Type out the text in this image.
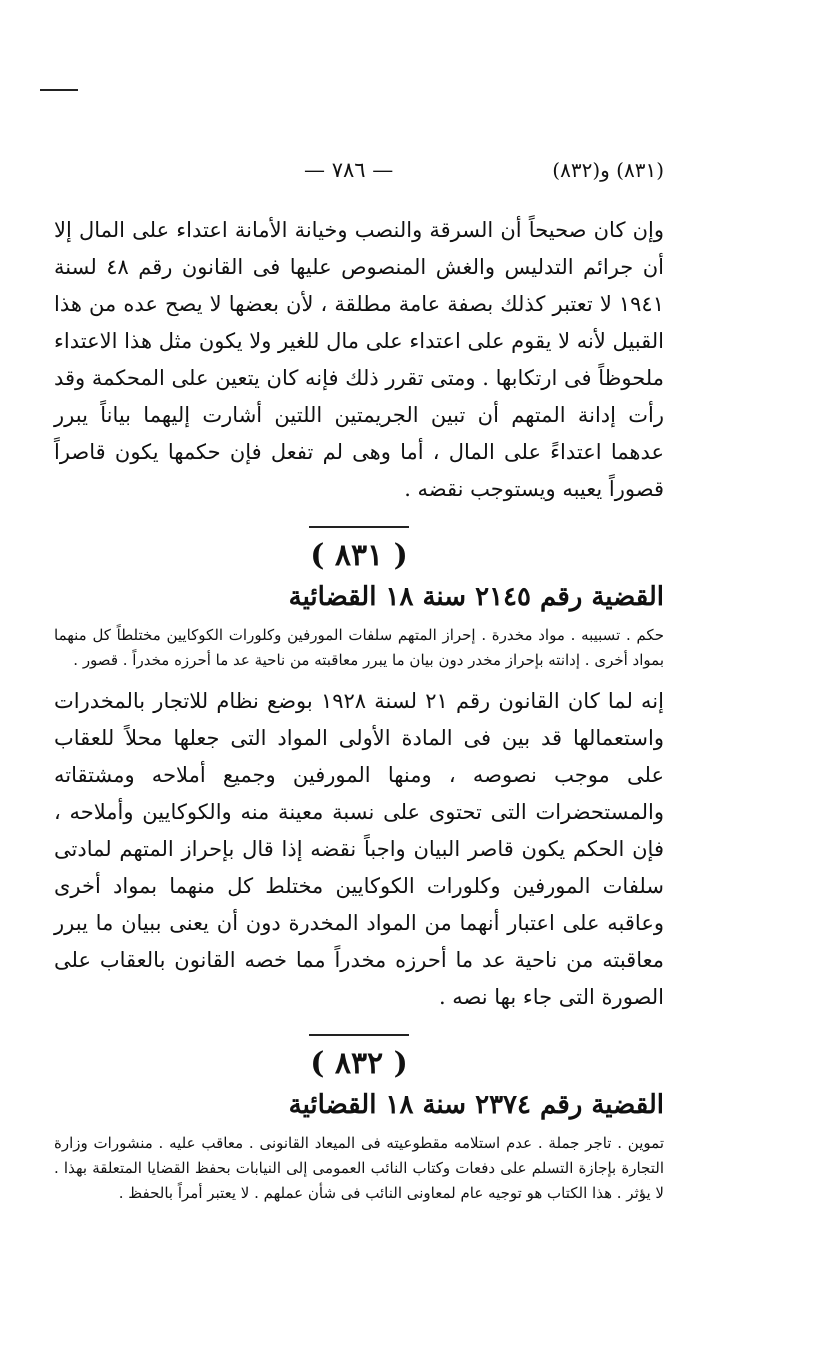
— ٧٨٦ —	(٨٣١) و(٨٣٢)

وإن كان صحيحاً أن السرقة والنصب وخيانة الأمانة اعتداء على المال إلا أن جرائم التدليس والغش المنصوص عليها فى القانون رقم ٤٨ لسنة ١٩٤١ لا تعتبر كذلك بصفة عامة مطلقة ، لأن بعضها لا يصح عده من هذا القبيل لأنه لا يقوم على اعتداء على مال للغير ولا يكون مثل هذا الاعتداء ملحوظاً فى ارتكابها . ومتى تقرر ذلك فإنه كان يتعين على المحكمة وقد رأت إدانة المتهم أن تبين الجريمتين اللتين أشارت إليهما بياناً يبرر عدهما اعتداءً على المال ، أما وهى لم تفعل فإن حكمها يكون قاصراً قصوراً يعيبه ويستوجب نقضه .

( ٨٣١ )
القضية رقم ٢١٤٥ سنة ١٨ القضائية

حكم . تسبيبه . مواد مخدرة . إحراز المتهم سلفات المورفين وكلورات الكوكايين مختلطاً كل منهما بمواد أخرى . إدانته بإحراز مخدر دون بيان ما يبرر معاقبته من ناحية عد ما أحرزه مخدراً . قصور .

إنه لما كان القانون رقم ٢١ لسنة ١٩٢٨ بوضع نظام للاتجار بالمخدرات واستعمالها قد بين فى المادة الأولى المواد التى جعلها محلاً للعقاب على موجب نصوصه ، ومنها المورفين وجميع أملاحه ومشتقاته والمستحضرات التى تحتوى على نسبة معينة منه والكوكايين وأملاحه ، فإن الحكم يكون قاصر البيان واجباً نقضه إذا قال بإحراز المتهم لمادتى سلفات المورفين وكلورات الكوكايين مختلط كل منهما بمواد أخرى وعاقبه على اعتبار أنهما من المواد المخدرة دون أن يعنى ببيان ما يبرر معاقبته من ناحية عد ما أحرزه مخدراً مما خصه القانون بالعقاب على الصورة التى جاء بها نصه .

( ٨٣٢ )
القضية رقم ٢٣٧٤ سنة ١٨ القضائية

تموين . تاجر جملة . عدم استلامه مقطوعيته فى الميعاد القانونى . معاقب عليه . منشورات وزارة التجارة بإجازة التسلم على دفعات وكتاب النائب العمومى إلى النيابات بحفظ القضايا المتعلقة بهذا . لا يؤثر . هذا الكتاب هو توجيه عام لمعاونى النائب فى شأن عملهم . لا يعتبر أمراً بالحفظ .
